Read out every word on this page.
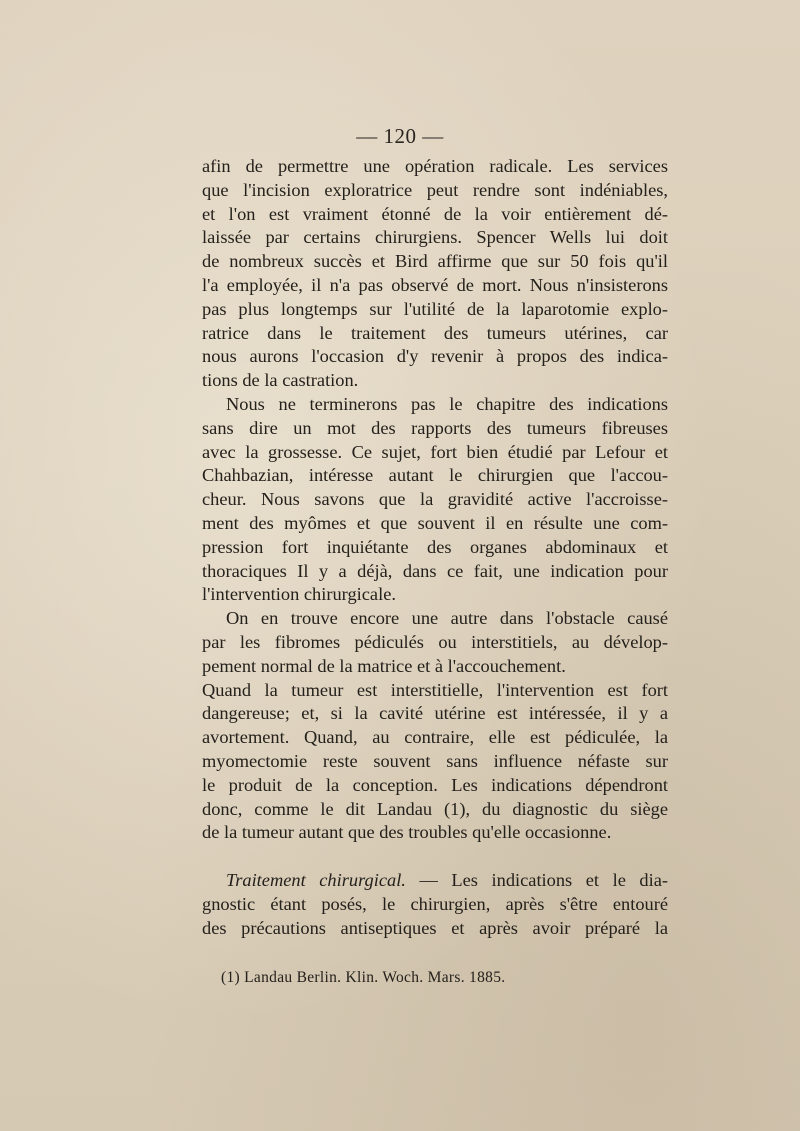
— 120 —
afin de permettre une opération radicale. Les services
que l'incision exploratrice peut rendre sont indéniables,
et l'on est vraiment étonné de la voir entièrement dé-
laissée par certains chirurgiens. Spencer Wells lui doit
de nombreux succès et Bird affirme que sur 50 fois qu'il
l'a employée, il n'a pas observé de mort. Nous n'insisterons
pas plus longtemps sur l'utilité de la laparotomie explo-
ratrice dans le traitement des tumeurs utérines, car
nous aurons l'occasion d'y revenir à propos des indica-
tions de la castration.
Nous ne terminerons pas le chapitre des indications
sans dire un mot des rapports des tumeurs fibreuses
avec la grossesse. Ce sujet, fort bien étudié par Lefour et
Chahbazian, intéresse autant le chirurgien que l'accou-
cheur. Nous savons que la gravidité active l'accroisse-
ment des myômes et que souvent il en résulte une com-
pression fort inquiétante des organes abdominaux et
thoraciques Il y a déjà, dans ce fait, une indication pour
l'intervention chirurgicale.
On en trouve encore une autre dans l'obstacle causé
par les fibromes pédiculés ou interstitiels, au dévelop-
pement normal de la matrice et à l'accouchement.
Quand la tumeur est interstitielle, l'intervention est fort
dangereuse; et, si la cavité utérine est intéressée, il y a
avortement. Quand, au contraire, elle est pédiculée, la
myomectomie reste souvent sans influence néfaste sur
le produit de la conception. Les indications dépendront
donc, comme le dit Landau (1), du diagnostic du siège
de la tumeur autant que des troubles qu'elle occasionne.
Traitement chirurgical. — Les indications et le dia-
gnostic étant posés, le chirurgien, après s'être entouré
des précautions antiseptiques et après avoir préparé la
(1) Landau Berlin. Klin. Woch. Mars. 1885.
